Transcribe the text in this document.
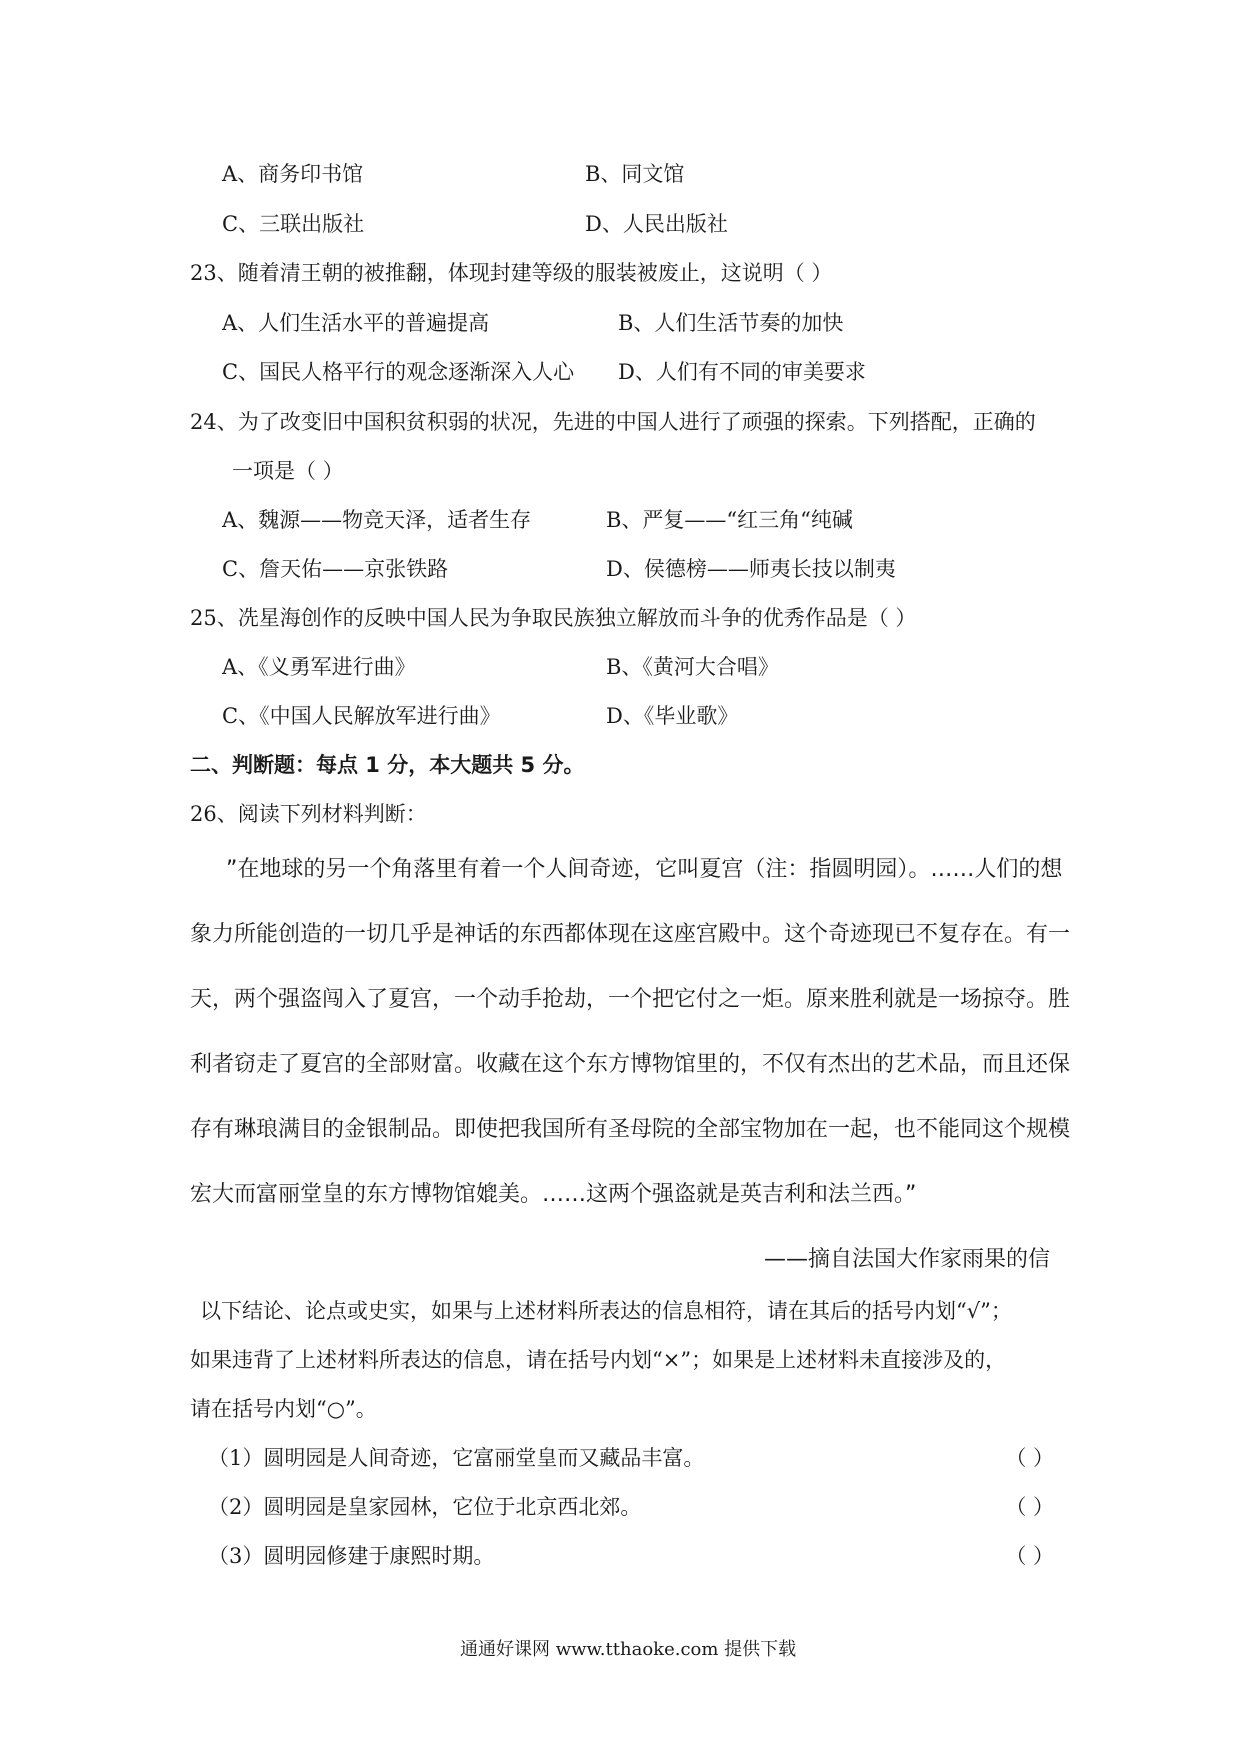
A、商务印书馆	B、同文馆
C、三联出版社	D、人民出版社
23、随着清王朝的被推翻，体现封建等级的服装被废止，这说明（ ）
A、人们生活水平的普遍提高	B、人们生活节奏的加快
C、国民人格平行的观念逐渐深入人心 D、人们有不同的审美要求
24、为了改变旧中国积贫积弱的状况，先进的中国人进行了顽强的探索。下列搭配，正确的
一项是（ ）
A、魏源——物竞天泽，适者生存	B、严复——“红三角“纯碱
C、詹天佑——京张铁路	D、侯德榜——师夷长技以制夷
25、冼星海创作的反映中国人民为争取民族独立解放而斗争的优秀作品是（ ）
A、《义勇军进行曲》	B、《黄河大合唱》
C、《中国人民解放军进行曲》	D、《毕业歌》
二、判断题：每点 1 分，本大题共 5 分。
26、阅读下列材料判断：
”在地球的另一个角落里有着一个人间奇迹，它叫夏宫（注：指圆明园）。……人们的想
象力所能创造的一切几乎是神话的东西都体现在这座宫殿中。这个奇迹现已不复存在。有一
天，两个强盗闯入了夏宫，一个动手抢劫，一个把它付之一炬。原来胜利就是一场掠夺。胜
利者窃走了夏宫的全部财富。收藏在这个东方博物馆里的，不仅有杰出的艺术品，而且还保
存有琳琅满目的金银制品。即使把我国所有圣母院的全部宝物加在一起，也不能同这个规模
宏大而富丽堂皇的东方博物馆媲美。……这两个强盗就是英吉利和法兰西。”
——摘自法国大作家雨果的信
以下结论、论点或史实，如果与上述材料所表达的信息相符，请在其后的括号内划“√”；
如果违背了上述材料所表达的信息，请在括号内划“×”；如果是上述材料未直接涉及的，
请在括号内划“○”。
（1）圆明园是人间奇迹，它富丽堂皇而又藏品丰富。	（ ）
（2）圆明园是皇家园林，它位于北京西北郊。	（ ）
（3）圆明园修建于康熙时期。	（ ）
通通好课网 www.tthaoke.com 提供下载
